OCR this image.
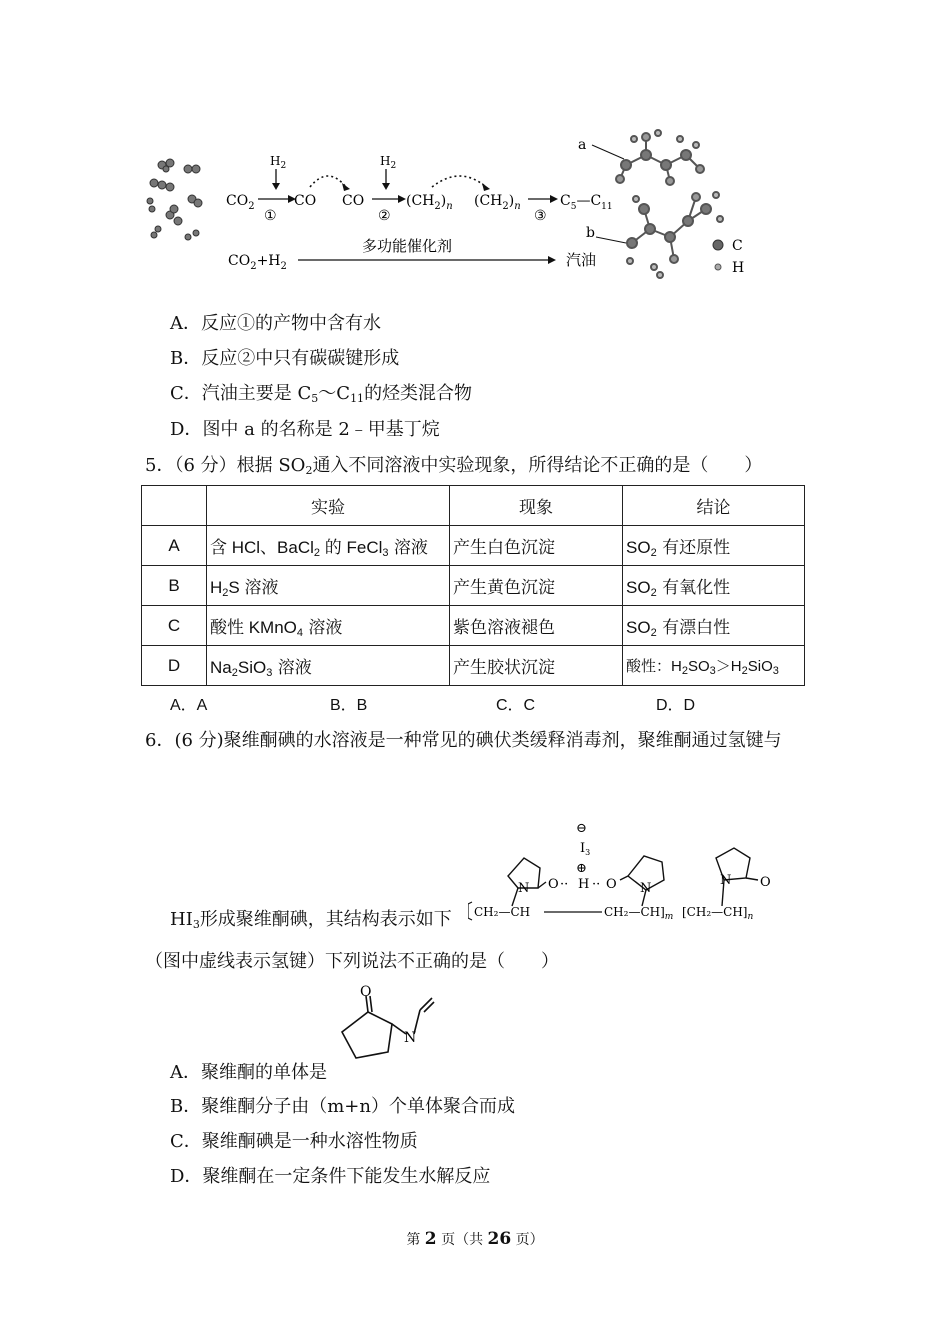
$CO_2$
$H_2$
①
CO CO
$H_2$
②
$(CH_2)_n$ $(CH_2)_n$
③
$C_5—C_{11}$
$CO_2+H_2$
多功能催化剂
汽油
a
b
C
H
A．反应①的产物中含有水
B．反应②中只有碳碳键形成
C．汽油主要是 $C_5\sim C_{11}$的烃类混合物
D．图中 a 的名称是 2﹣甲基丁烷
5．（6 分）根据 $SO_2$通入不同溶液中实验现象，所得结论不正确的是（　　）
	实验	现象	结论
A	含 HCl、BaCl$_2$ 的 FeCl$_3$ 溶液	产生白色沉淀	$SO_2$ 有还原性
B	$H_2S$ 溶液	产生黄色沉淀	$SO_2$ 有氧化性
C	酸性 KMnO$_4$ 溶液	紫色溶液褪色	$SO_2$ 有漂白性
D	$Na_2SiO_3$ 溶液	产生胶状沉淀	酸性：$H_2SO_3>H_2SiO_3$
A．A	B．B	C．C	D．D
6．(6 分)聚维酮碘的水溶液是一种常见的碘伏类缓释消毒剂，聚维酮通过氢键与
$HI_3$形成聚维酮碘，其结构表示如下
⊖
$I_3$
⊕
N O ·· H ·· O N
N O
CH₂—CH	$CH_2—CH]_m$ $[CH_2—CH]_n$
（图中虚线表示氢键）下列说法不正确的是（　　）
A．聚维酮的单体是
O
N
B．聚维酮分子由（m+n）个单体聚合而成
C．聚维酮碘是一种水溶性物质
D．聚维酮在一定条件下能发生水解反应
第 2 页（共 26 页）
